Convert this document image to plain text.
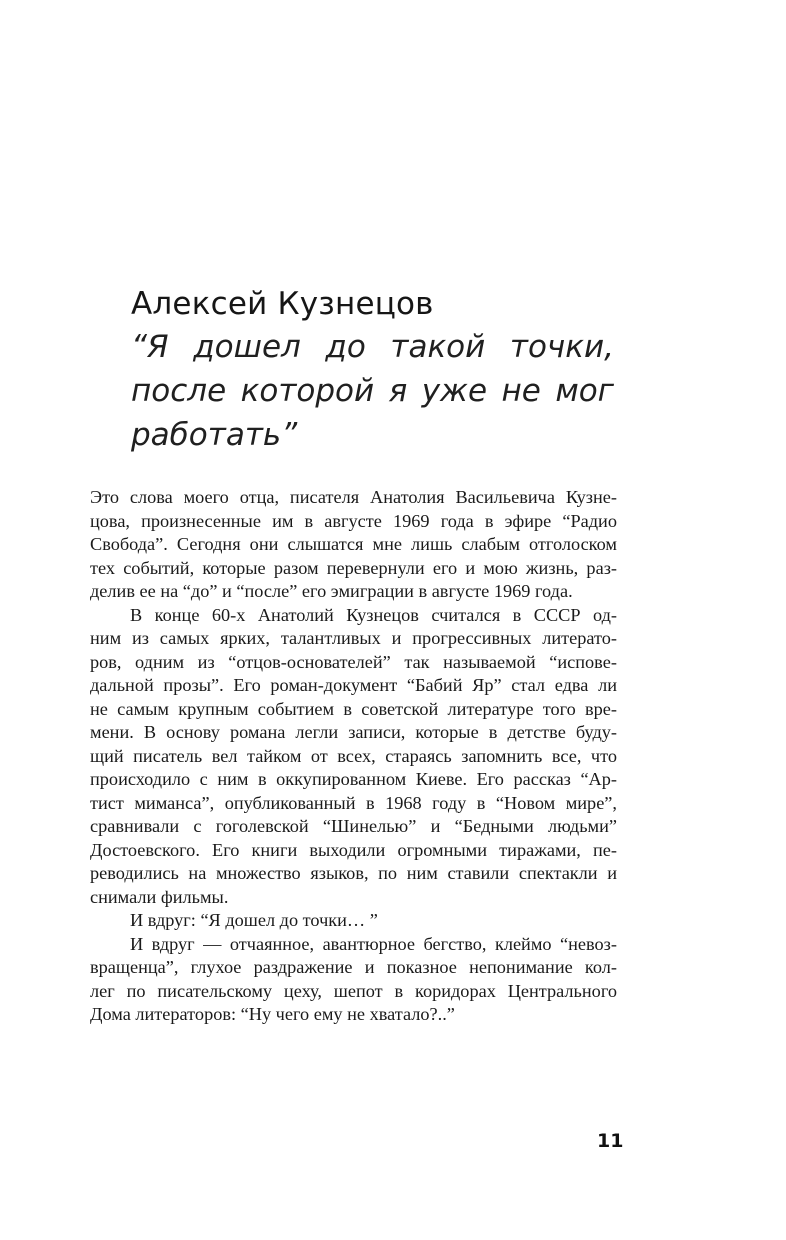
Алексей Кузнецов
“Я дошел до такой точки,
после которой я уже не мог
работать”
Это слова моего отца, писателя Анатолия Васильевича Кузне-
цова, произнесенные им в августе 1969 года в эфире “Радио
Свобода”. Сегодня они слышатся мне лишь слабым отголоском
тех событий, которые разом перевернули его и мою жизнь, раз-
делив ее на “до” и “после” его эмиграции в августе 1969 года.
В конце 60-х Анатолий Кузнецов считался в СССР од-
ним из самых ярких, талантливых и прогрессивных литерато-
ров, одним из “отцов-основателей” так называемой “исповe-
дальной прозы”. Его роман-документ “Бабий Яр” стал едва ли
не самым крупным событием в советской литературе того вре-
мени. В основу романа легли записи, которые в детстве буду-
щий писатель вел тайком от всех, стараясь запомнить все, что
происходило с ним в оккупированном Киеве. Его рассказ “Ар-
тист миманса”, опубликованный в 1968 году в “Новом мире”,
сравнивали с гоголевской “Шинелью” и “Бедными людьми”
Достоевского. Его книги выходили огромными тиражами, пе-
реводились на множество языков, по ним ставили спектакли и
снимали фильмы.
И вдруг: “Я дошел до точки… ”
И вдруг — отчаянное, авантюрное бегство, клеймо “невоз-
вращенца”, глухое раздражение и показное непонимание кол-
лег по писательскому цеху, шепот в коридорах Центрального
Дома литераторов: “Ну чего ему не хватало?..”
11
